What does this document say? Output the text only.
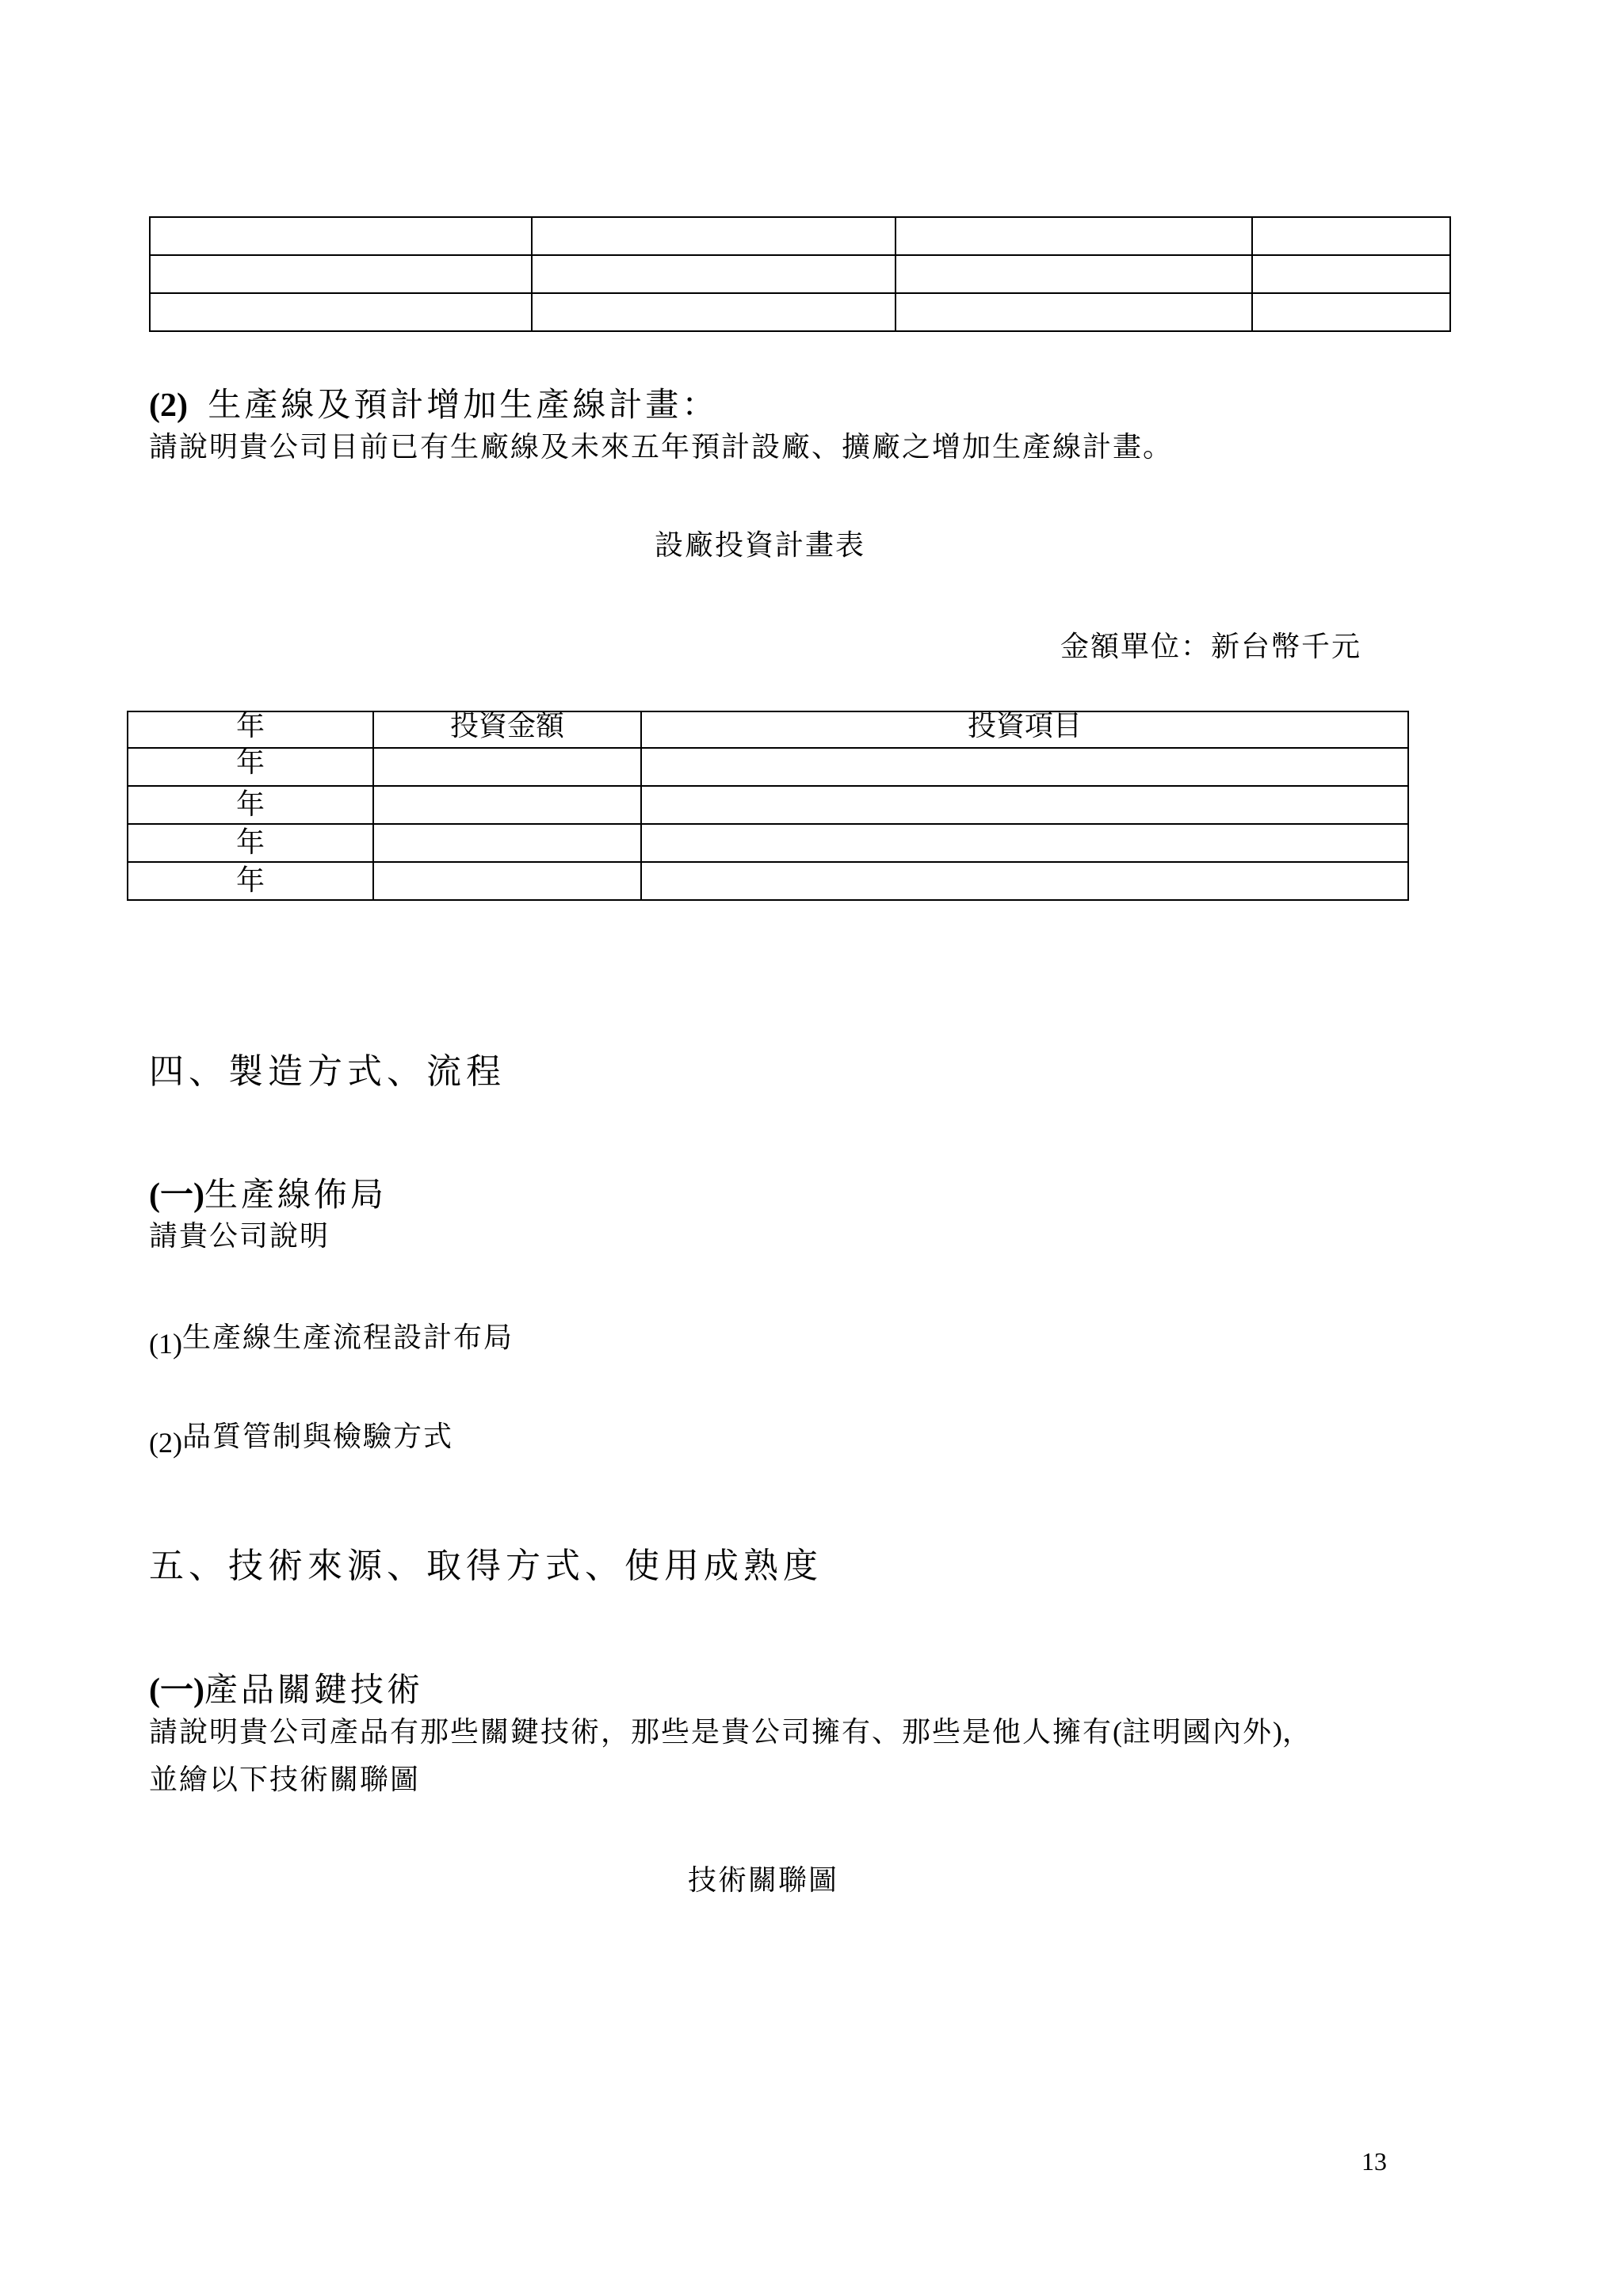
(2) 生產線及預計增加生產線計畫：
請說明貴公司目前已有生廠線及未來五年預計設廠、擴廠之增加生產線計畫。
設廠投資計畫表
金額單位：新台幣千元
年	投資金額	投資項目
年		
年		
年		
年		
四、製造方式、流程
(一)生產線佈局
請貴公司說明
(1)生產線生產流程設計布局
(2)品質管制與檢驗方式
五、技術來源、取得方式、使用成熟度
(一)產品關鍵技術
請說明貴公司產品有那些關鍵技術，那些是貴公司擁有、那些是他人擁有(註明國內外)，
並繪以下技術關聯圖
技術關聯圖
13
